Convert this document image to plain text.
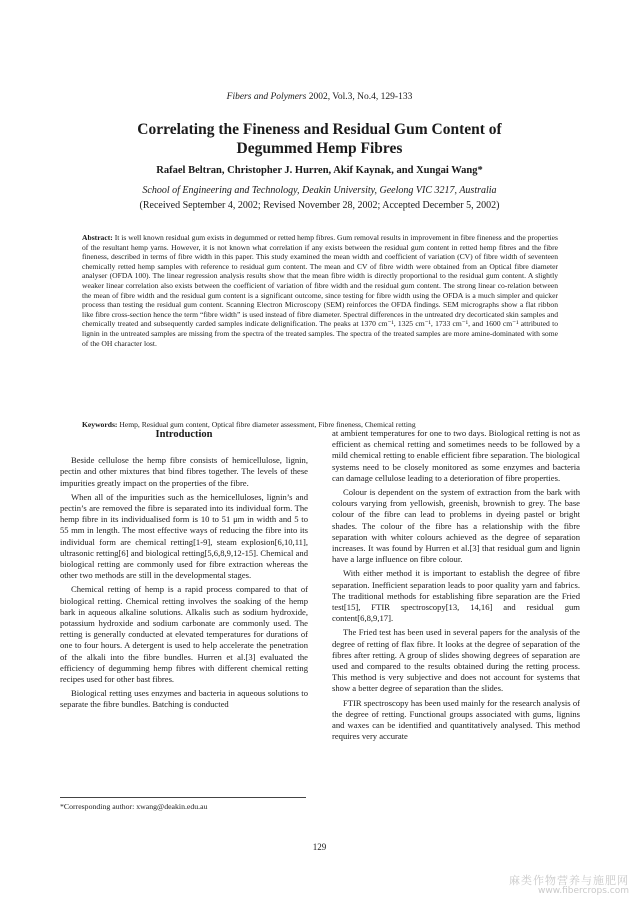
Fibers and Polymers 2002, Vol.3, No.4, 129-133
Correlating the Fineness and Residual Gum Content of
Degummed Hemp Fibres
Rafael Beltran, Christopher J. Hurren, Akif Kaynak, and Xungai Wang*
School of Engineering and Technology, Deakin University, Geelong VIC 3217, Australia
(Received September 4, 2002; Revised November 28, 2002; Accepted December 5, 2002)
Abstract: It is well known residual gum exists in degummed or retted hemp fibres. Gum removal results in improvement in fibre fineness and the properties of the resultant hemp yarns. However, it is not known what correlation if any exists between the residual gum content in retted hemp fibres and the fibre fineness, described in terms of fibre width in this paper. This study examined the mean width and coefficient of variation (CV) of fibre width of seventeen chemically retted hemp samples with reference to residual gum content. The mean and CV of fibre width were obtained from an Optical fibre diameter analyser (OFDA 100). The linear regression analysis results show that the mean fibre width is directly proportional to the residual gum content. A slightly weaker linear correlation also exists between the coefficient of variation of fibre width and the residual gum content. The strong linear co-relation between the mean of fibre width and the residual gum content is a significant outcome, since testing for fibre width using the OFDA is a much simpler and quicker process than testing the residual gum content. Scanning Electron Microscopy (SEM) reinforces the OFDA findings. SEM micrographs show a flat ribbon like fibre cross-section hence the term “fibre width” is used instead of fibre diameter. Spectral differences in the untreated dry decorticated skin samples and chemically treated and subsequently carded samples indicate delignification. The peaks at 1370 cm⁻¹, 1325 cm⁻¹, 1733 cm⁻¹, and 1600 cm⁻¹ attributed to lignin in the untreated samples are missing from the spectra of the treated samples. The spectra of the treated samples are more amine-dominated with some of the OH character lost.
Keywords: Hemp, Residual gum content, Optical fibre diameter assessment, Fibre fineness, Chemical retting
Introduction

Beside cellulose the hemp fibre consists of hemicellulose, lignin, pectin and other mixtures that bind fibres together. The levels of these impurities greatly impact on the properties of the fibre.

When all of the impurities such as the hemicelluloses, lignin’s and pectin’s are removed the fibre is separated into its individual form. The hemp fibre in its individualised form is 10 to 51 μm in width and 5 to 55 mm in length. The most effective ways of reducing the fibre into its individual form are chemical retting[1-9], steam explosion[6,10,11], ultrasonic retting[6] and biological retting[5,6,8,9,12-15]. Chemical and biological retting are commonly used for fibre extraction whereas the other two methods are still in the developmental stages.

Chemical retting of hemp is a rapid process compared to that of biological retting. Chemical retting involves the soaking of the hemp bark in aqueous alkaline solutions. Alkalis such as sodium hydroxide, potassium hydroxide and sodium carbonate are commonly used. The retting is generally conducted at elevated temperatures for durations of one to four hours. A detergent is used to help accelerate the penetration of the alkali into the fibre bundles. Hurren et al.[3] evaluated the efficiency of degumming hemp fibres with different chemical retting recipes used for other bast fibres.

Biological retting uses enzymes and bacteria in aqueous solutions to separate the fibre bundles. Batching is conducted

at ambient temperatures for one to two days. Biological retting is not as efficient as chemical retting and sometimes needs to be followed by a mild chemical retting to enable efficient fibre separation. The biological systems need to be closely monitored as some enzymes and bacteria can damage cellulose leading to a deterioration of fibre properties.

Colour is dependent on the system of extraction from the bark with colours varying from yellowish, greenish, brownish to grey. The base colour of the fibre can lead to problems in dyeing pastel or bright shades. The colour of the fibre has a relationship with the fibre separation with whiter colours achieved as the degree of separation increases. It was found by Hurren et al.[3] that residual gum and lignin have a large influence on fibre colour.

With either method it is important to establish the degree of fibre separation. Inefficient separation leads to poor quality yarn and fabrics. The traditional methods for establishing fibre separation are the Fried test[15], FTIR spectroscopy[13, 14,16] and residual gum content[6,8,9,17].

The Fried test has been used in several papers for the analysis of the degree of retting of flax fibre. It looks at the degree of separation of the fibres after retting. A group of slides showing degrees of separation are used and compared to the results obtained during the retting process. This method is very subjective and does not account for systems that show a better degree of separation than the slides.

FTIR spectroscopy has been used mainly for the research analysis of the degree of retting. Functional groups associated with gums, lignins and waxes can be identified and quantitatively analysed. This method requires very accurate

*Corresponding author: xwang@deakin.edu.au
129
麻类作物营养与施肥网
www.fibercrops.com
